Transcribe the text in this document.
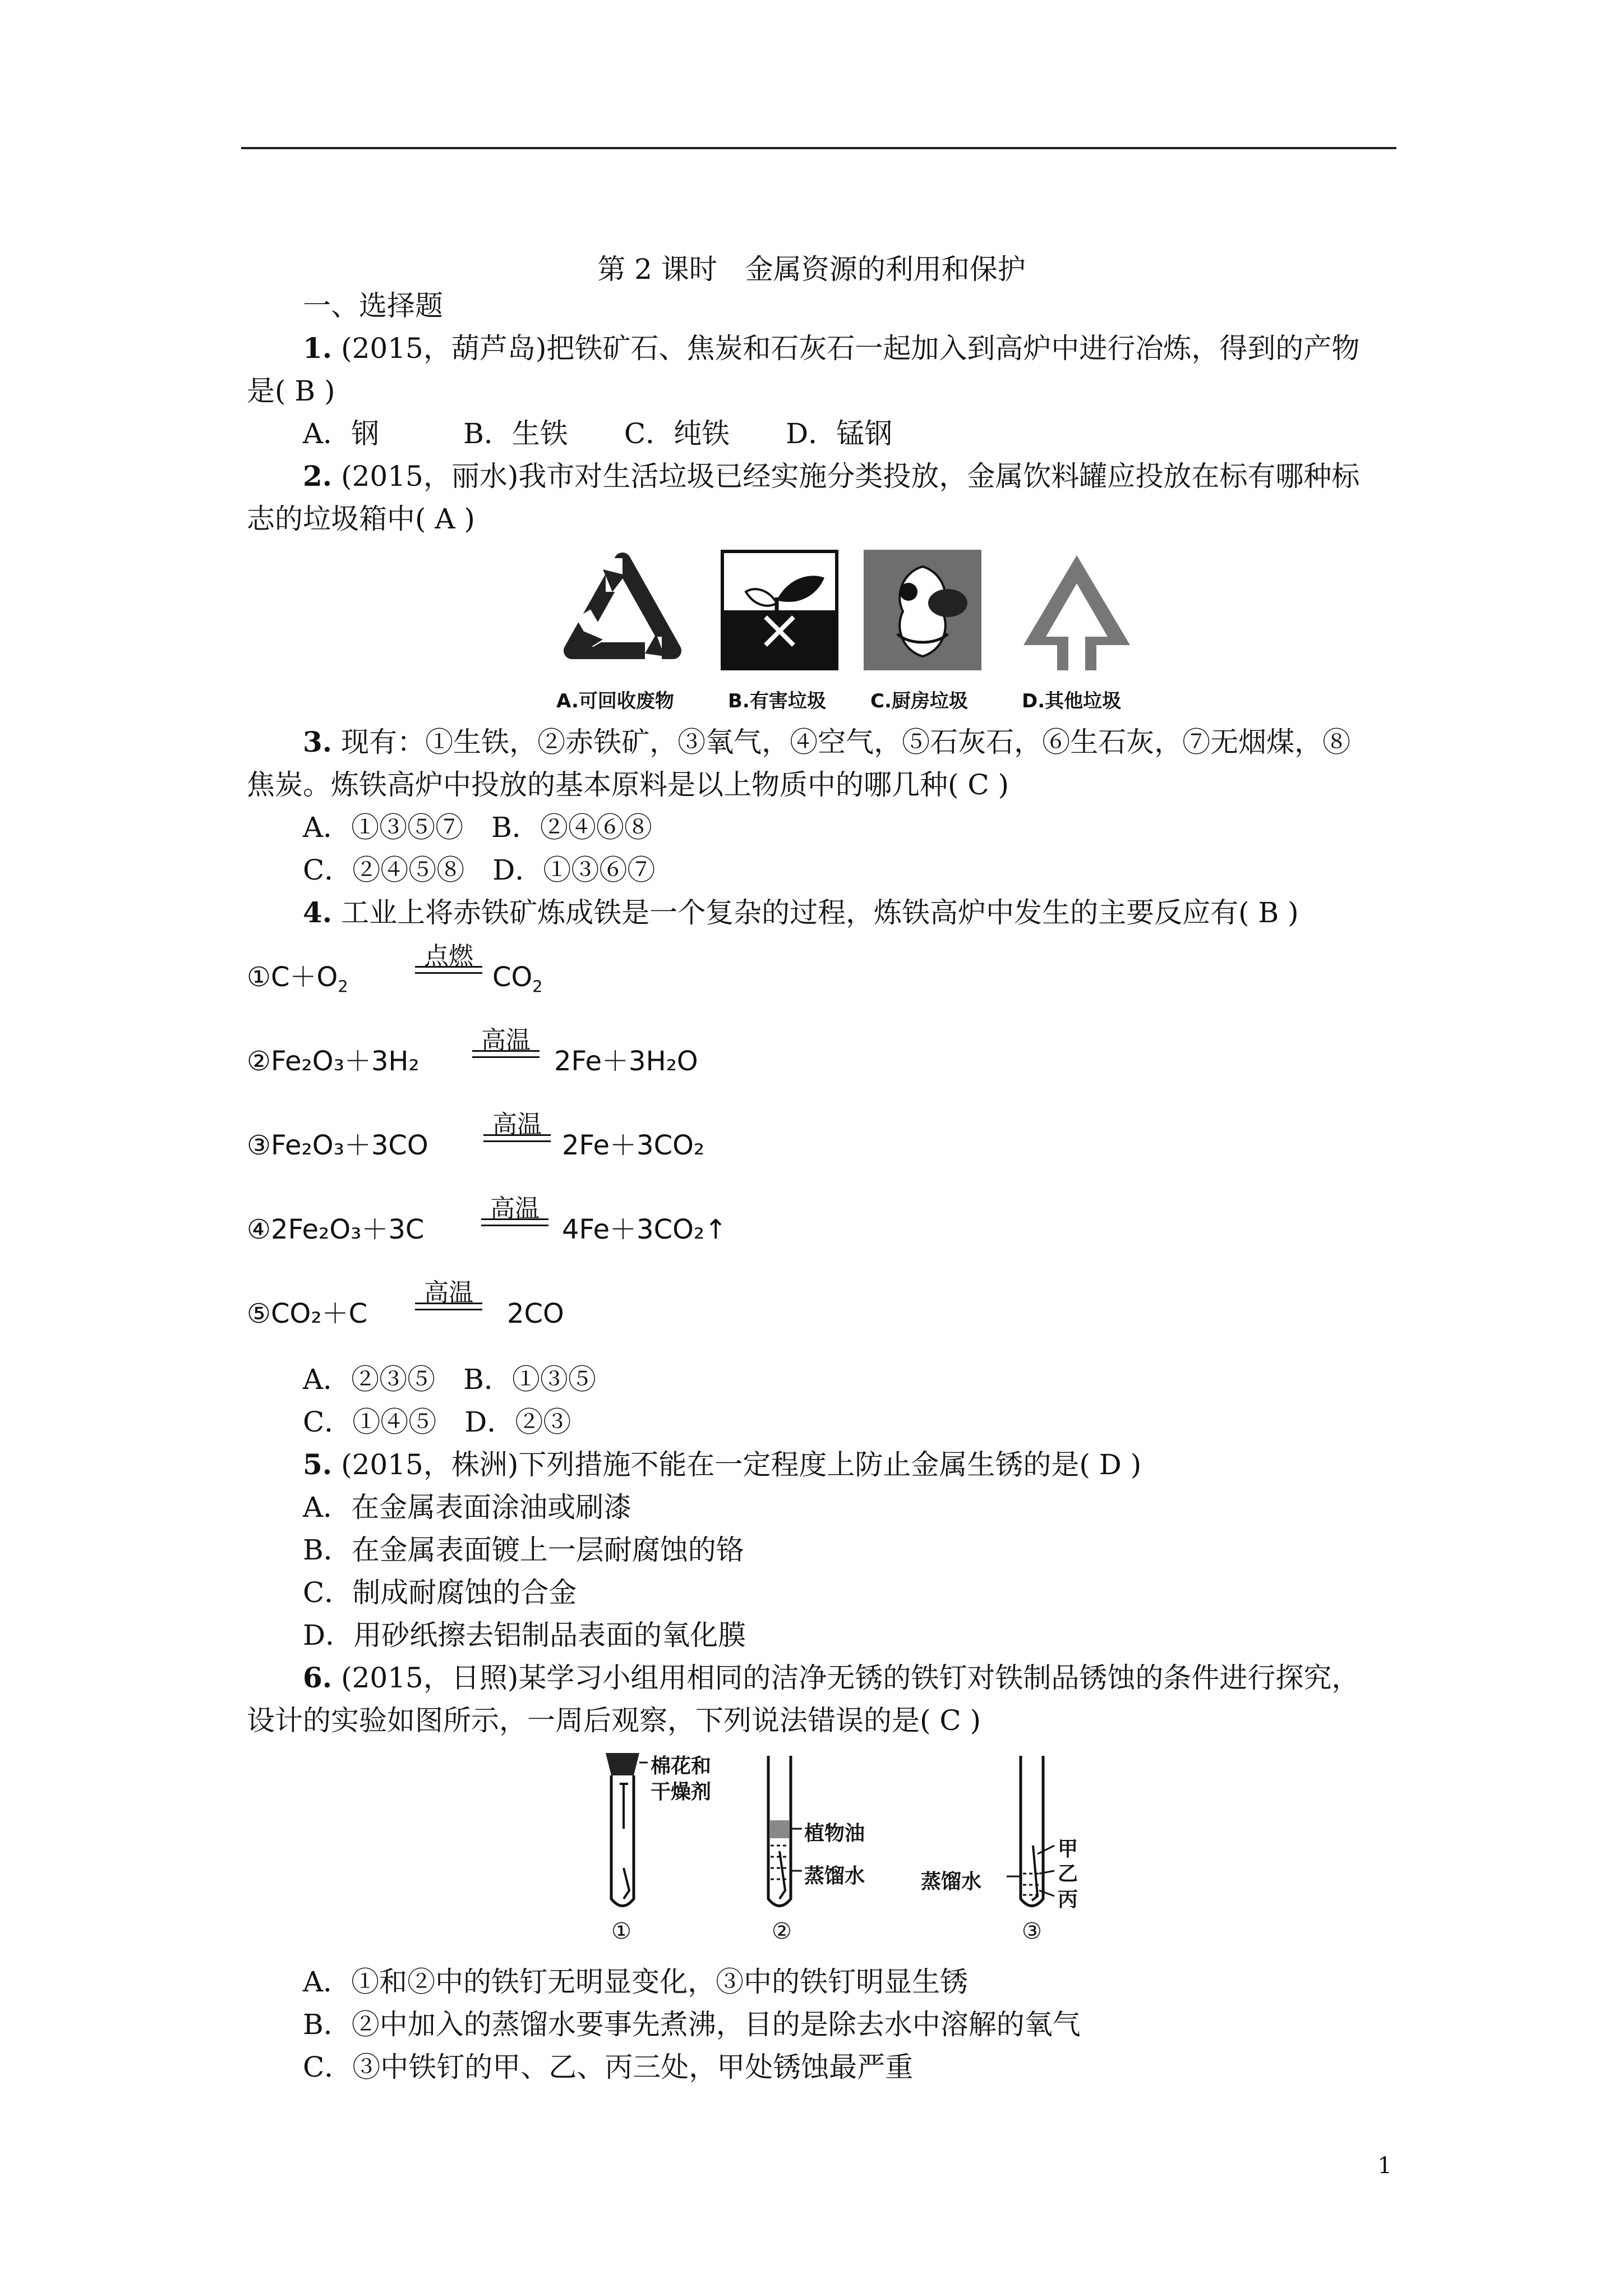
第 2 课时　金属资源的利用和保护
一、选择题
1. (2015，葫芦岛)把铁矿石、焦炭和石灰石一起加入到高炉中进行冶炼，得到的产物
是( B )
A．钢　　　B．生铁　　C．纯铁　　D．锰钢
2. (2015，丽水)我市对生活垃圾已经实施分类投放，金属饮料罐应投放在标有哪种标
志的垃圾箱中( A )
A.可回收废物	B.有害垃圾 C.厨房垃圾	D.其他垃圾
3. 现有：①生铁，②赤铁矿，③氧气，④空气，⑤石灰石，⑥生石灰，⑦无烟煤，⑧
焦炭。炼铁高炉中投放的基本原料是以上物质中的哪几种( C )
A．①③⑤⑦　B．②④⑥⑧
C．②④⑤⑧　D．①③⑥⑦
4. 工业上将赤铁矿炼成铁是一个复杂的过程，炼铁高炉中发生的主要反应有( B )
$①C+O_2$
点燃
$CO_2$
②Fe₂O₃＋3H₂
高温
2Fe＋3H₂O
③Fe₂O₃＋3CO
高温
2Fe＋3CO₂
④2Fe₂O₃＋3C
高温
4Fe＋3CO₂↑
⑤CO₂＋C
高温
2CO
A．②③⑤　B．①③⑤
C．①④⑤　D．②③
5. (2015，株洲)下列措施不能在一定程度上防止金属生锈的是( D )
A．在金属表面涂油或刷漆
B．在金属表面镀上一层耐腐蚀的铬
C．制成耐腐蚀的合金
D．用砂纸擦去铝制品表面的氧化膜
6. (2015，日照)某学习小组用相同的洁净无锈的铁钉对铁制品锈蚀的条件进行探究，
设计的实验如图所示，一周后观察，下列说法错误的是( C )
棉花和
干燥剂
植物油
蒸馏水	蒸馏水
甲
乙
丙
①	②	③
A．①和②中的铁钉无明显变化，③中的铁钉明显生锈
B．②中加入的蒸馏水要事先煮沸，目的是除去水中溶解的氧气
C．③中铁钉的甲、乙、丙三处，甲处锈蚀最严重
1
